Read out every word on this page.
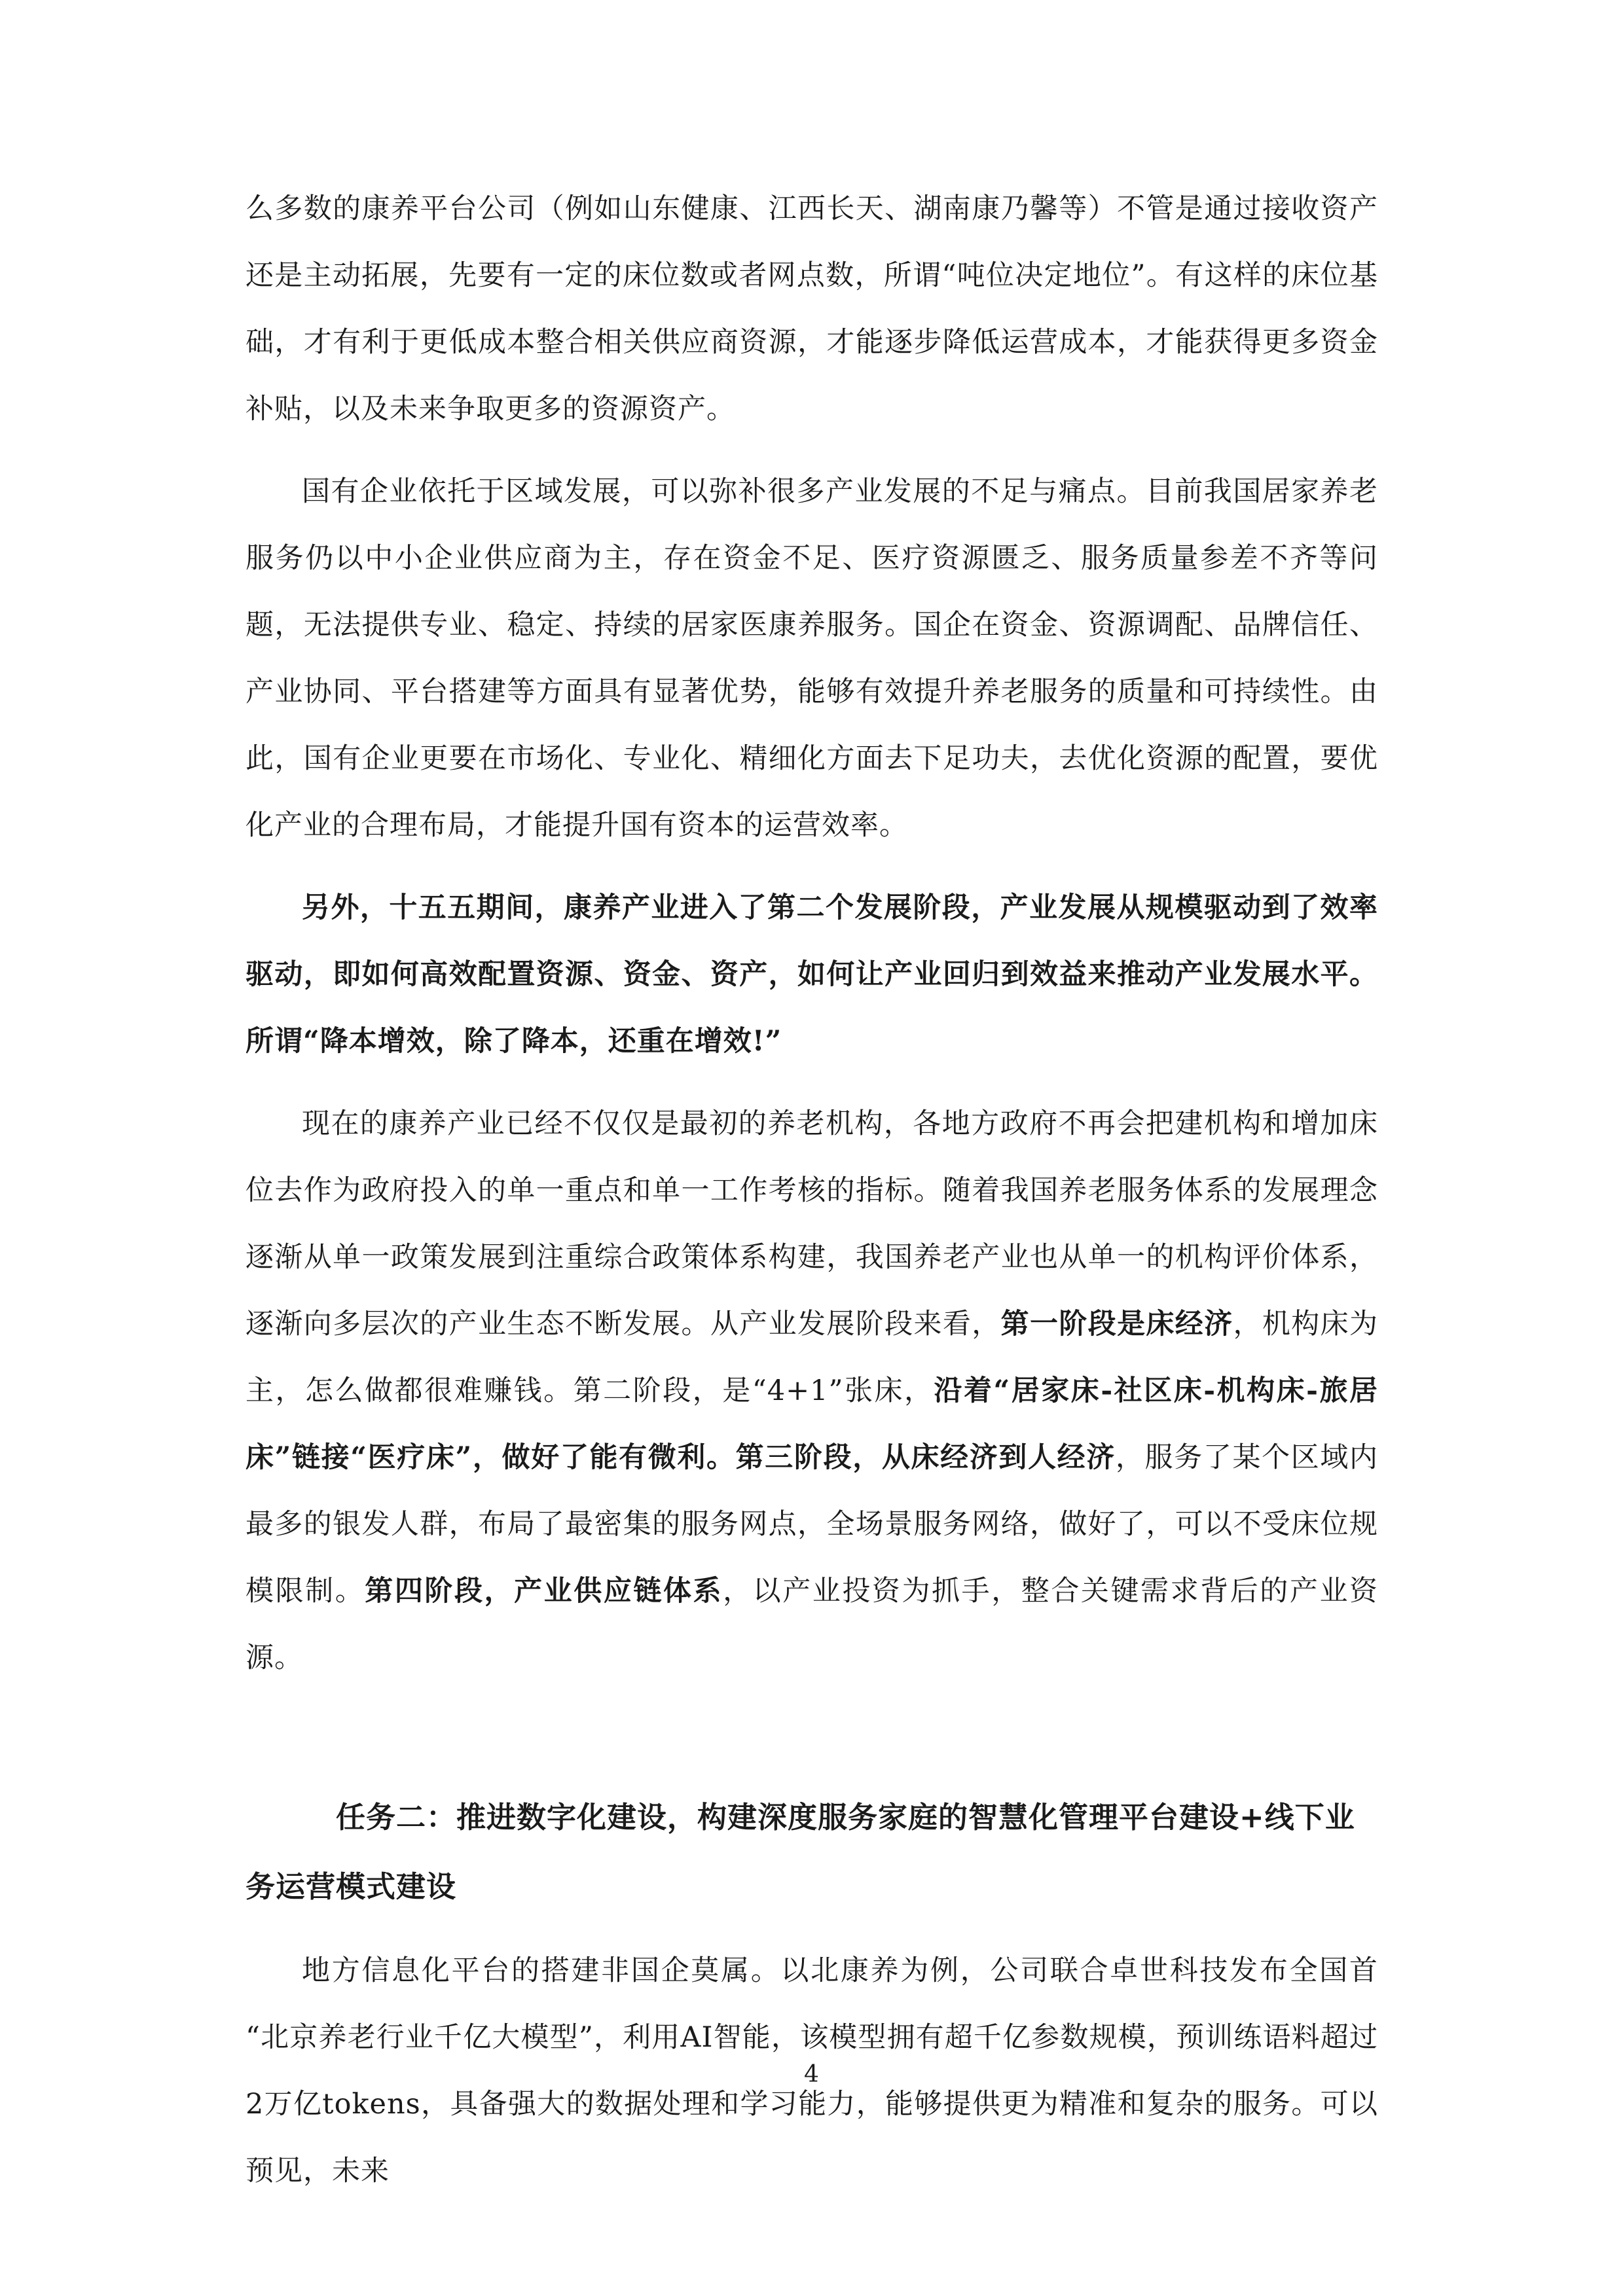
么多数的康养平台公司（例如山东健康、江西长天、湖南康乃馨等）不管是通过接收资产还是主动拓展，先要有一定的床位数或者网点数，所谓“吨位决定地位”。有这样的床位基础，才有利于更低成本整合相关供应商资源，才能逐步降低运营成本，才能获得更多资金补贴，以及未来争取更多的资源资产。

国有企业依托于区域发展，可以弥补很多产业发展的不足与痛点。目前我国居家养老服务仍以中小企业供应商为主，存在资金不足、医疗资源匮乏、服务质量参差不齐等问题，无法提供专业、稳定、持续的居家医康养服务。国企在资金、资源调配、品牌信任、产业协同、平台搭建等方面具有显著优势，能够有效提升养老服务的质量和可持续性。由此，国有企业更要在市场化、专业化、精细化方面去下足功夫，去优化资源的配置，要优化产业的合理布局，才能提升国有资本的运营效率。

另外，十五五期间，康养产业进入了第二个发展阶段，产业发展从规模驱动到了效率驱动，即如何高效配置资源、资金、资产，如何让产业回归到效益来推动产业发展水平。所谓“降本增效，除了降本，还重在增效!”

现在的康养产业已经不仅仅是最初的养老机构，各地方政府不再会把建机构和增加床位去作为政府投入的单一重点和单一工作考核的指标。随着我国养老服务体系的发展理念逐渐从单一政策发展到注重综合政策体系构建，我国养老产业也从单一的机构评价体系，逐渐向多层次的产业生态不断发展。从产业发展阶段来看，第一阶段是床经济，机构床为主，怎么做都很难赚钱。第二阶段，是“4+1”张床，沿着“居家床-社区床-机构床-旅居床”链接“医疗床”，做好了能有微利。第三阶段，从床经济到人经济，服务了某个区域内最多的银发人群，布局了最密集的服务网点，全场景服务网络，做好了，可以不受床位规模限制。第四阶段，产业供应链体系，以产业投资为抓手，整合关键需求背后的产业资源。

任务二：推进数字化建设，构建深度服务家庭的智慧化管理平台建设+线下业务运营模式建设

地方信息化平台的搭建非国企莫属。以北康养为例，公司联合卓世科技发布全国首 “北京养老行业千亿大模型”，利用AI智能，该模型拥有超千亿参数规模，预训练语料超过2万亿tokens，具备强大的数据处理和学习能力，能够提供更为精准和复杂的服务。可以预见，未来

4
